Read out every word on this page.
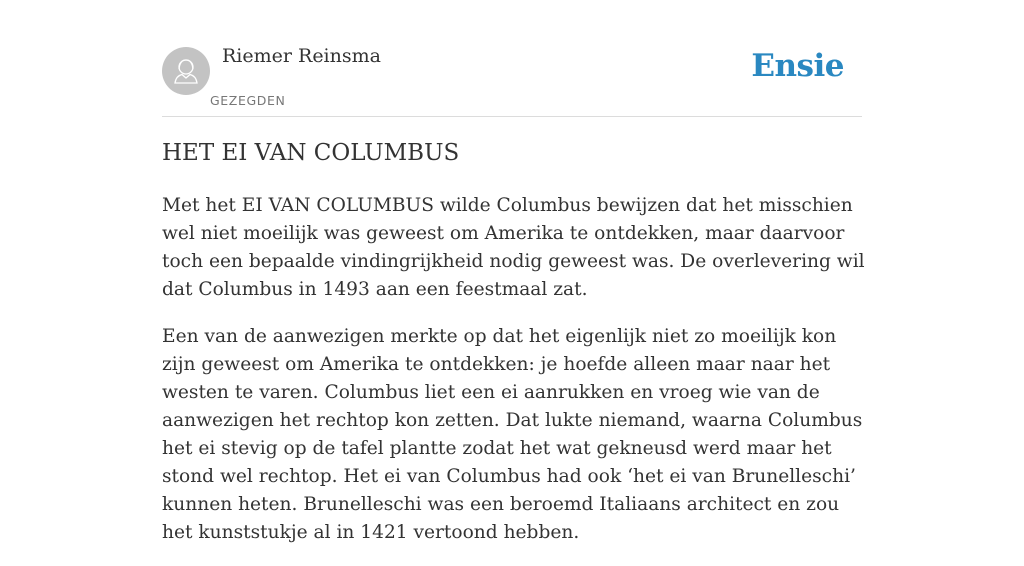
Riemer Reinsma
GEZEGDEN
Ensie
HET EI VAN COLUMBUS

Met het EI VAN COLUMBUS wilde Columbus bewijzen dat het misschien wel niet moeilijk was geweest om Amerika te ontdekken, maar daarvoor toch een bepaalde vindingrijkheid nodig geweest was. De overlevering wil dat Columbus in 1493 aan een feestmaal zat.

Een van de aanwezigen merkte op dat het eigenlijk niet zo moeilijk kon zijn geweest om Amerika te ontdekken: je hoefde alleen maar naar het westen te varen. Columbus liet een ei aanrukken en vroeg wie van de aanwezigen het rechtop kon zetten. Dat lukte niemand, waarna Columbus het ei stevig op de tafel plantte zodat het wat gekneusd werd maar het stond wel rechtop. Het ei van Columbus had ook ‘het ei van Brunelleschi’ kunnen heten. Brunelleschi was een beroemd Italiaans architect en zou het kunststukje al in 1421 vertoond hebben.
